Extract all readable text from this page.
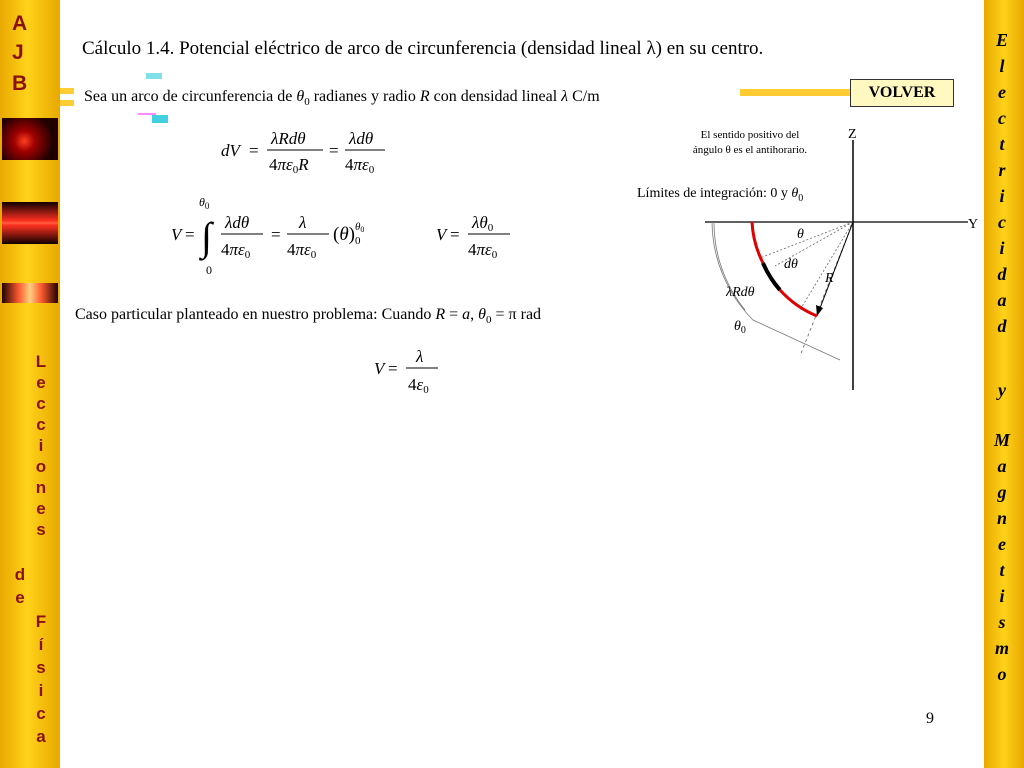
A
J
B
L
e
c
c
i
o
n
e
s
d
e
F
í
s
i
c
a
E
l
e
c
t
r
i
c
i
d
a
d
y
M
a
g
n
e
t
i
s
m
o
Cálculo 1.4. Potencial eléctrico de arco de circunferencia (densidad lineal λ) en su centro.
VOLVER
Sea un arco de circunferencia de $\theta_0$ radianes y radio R con densidad lineal λ C/m
dV =
λRdθ
4πε0R
=
λdθ
4πε0
V =
$\theta_0$
∫
0
λdθ
4πε0
=
λ
4πε0
(θ) θ0
0	V =
λθ0
4πε0
Caso particular planteado en nuestro problema: Cuando R = a, $\theta_0 = \pi$ rad
V =
λ
4ε0
El sentido positivo del
ángulo θ es el antihorario.
Límites de integración: 0 y $\theta_0$
Z
Y
θ
dθ
R
λRdθ
$\theta_0$
9
